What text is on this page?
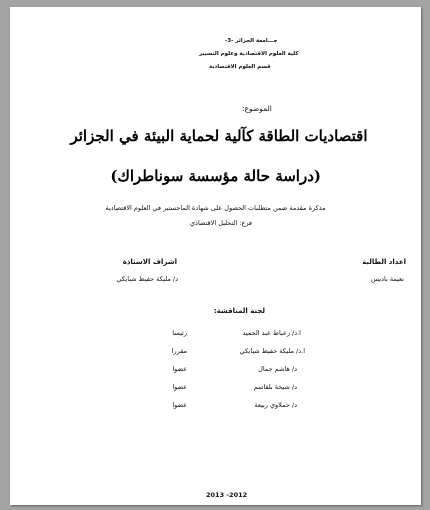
جـــامعة الجزائر -3-
كلية العلوم الاقتصادية وعلوم التسيير
قسم العلوم الاقتصادية
الموضوع:
اقتصاديات الطاقة كآلية لحماية البيئة في الجزائر
(دراسة حالة مؤسسة سوناطراك)
مذكرة مقدمة ضمن متطلبات الحصول على شهادة الماجستير في العلوم الاقتصادية
فرع: التحليل الاقتصادي
اعداد الطالبة
نعيمة باديس
اشراف الاستاذة
د/ مليكة حفيظ شبايكي
لجنة المناقشة:
ا.د/ زعباط عبد الحميد
رئيسا
ا.د/ مليكة حفيظ شبايكي
مقررا
د/ هاشم جمال
عضوا
د/ شيخة بلقاسم
عضوا
د/ حملاوي ربيعة
عضوا
2013 -2012
